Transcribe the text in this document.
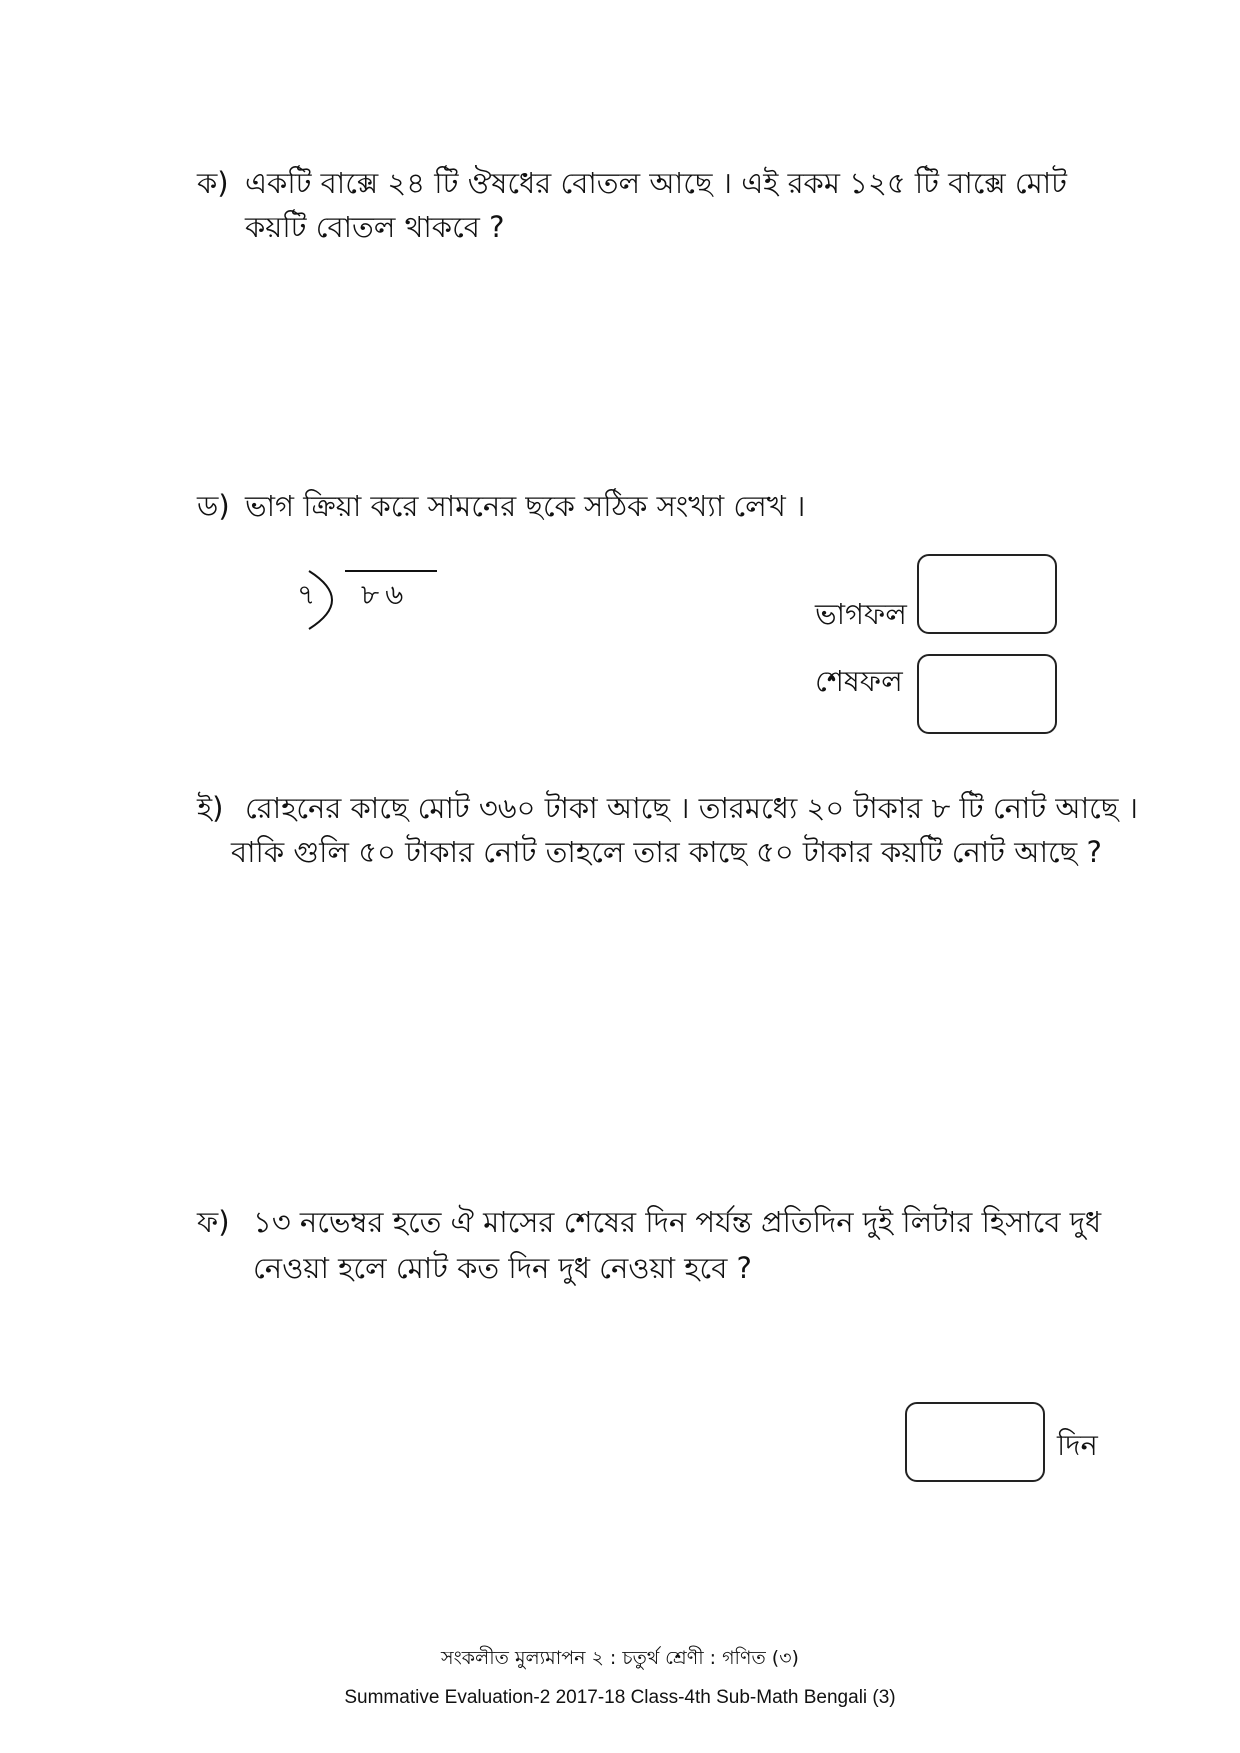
ক) একটি বাক্সে ২৪ টি ঔষধের বোতল আছে । এই রকম ১২৫ টি বাক্সে মোট
কয়টি বোতল থাকবে ?
ড) ভাগ ক্রিয়া করে সামনের ছকে সঠিক সংখ্যা লেখ ।
৭ ৮৬
ভাগফল
শেষফল
ই) রোহনের কাছে মোট ৩৬০ টাকা আছে । তারমধ্যে ২০ টাকার ৮ টি নোট আছে ।
বাকি গুলি ৫০ টাকার নোট তাহলে তার কাছে ৫০ টাকার কয়টি নোট আছে ?
ফ) ১৩ নভেম্বর হতে ঐ মাসের শেষের দিন পর্যন্ত প্রতিদিন দুই লিটার হিসাবে দুধ
নেওয়া হলে মোট কত দিন দুধ নেওয়া হবে ?
দিন
সংকলীত মুল্যমাপন ২ : চতুর্থ শ্রেণী : গণিত (৩)
Summative Evaluation-2 2017-18 Class-4th Sub-Math Bengali (3)
